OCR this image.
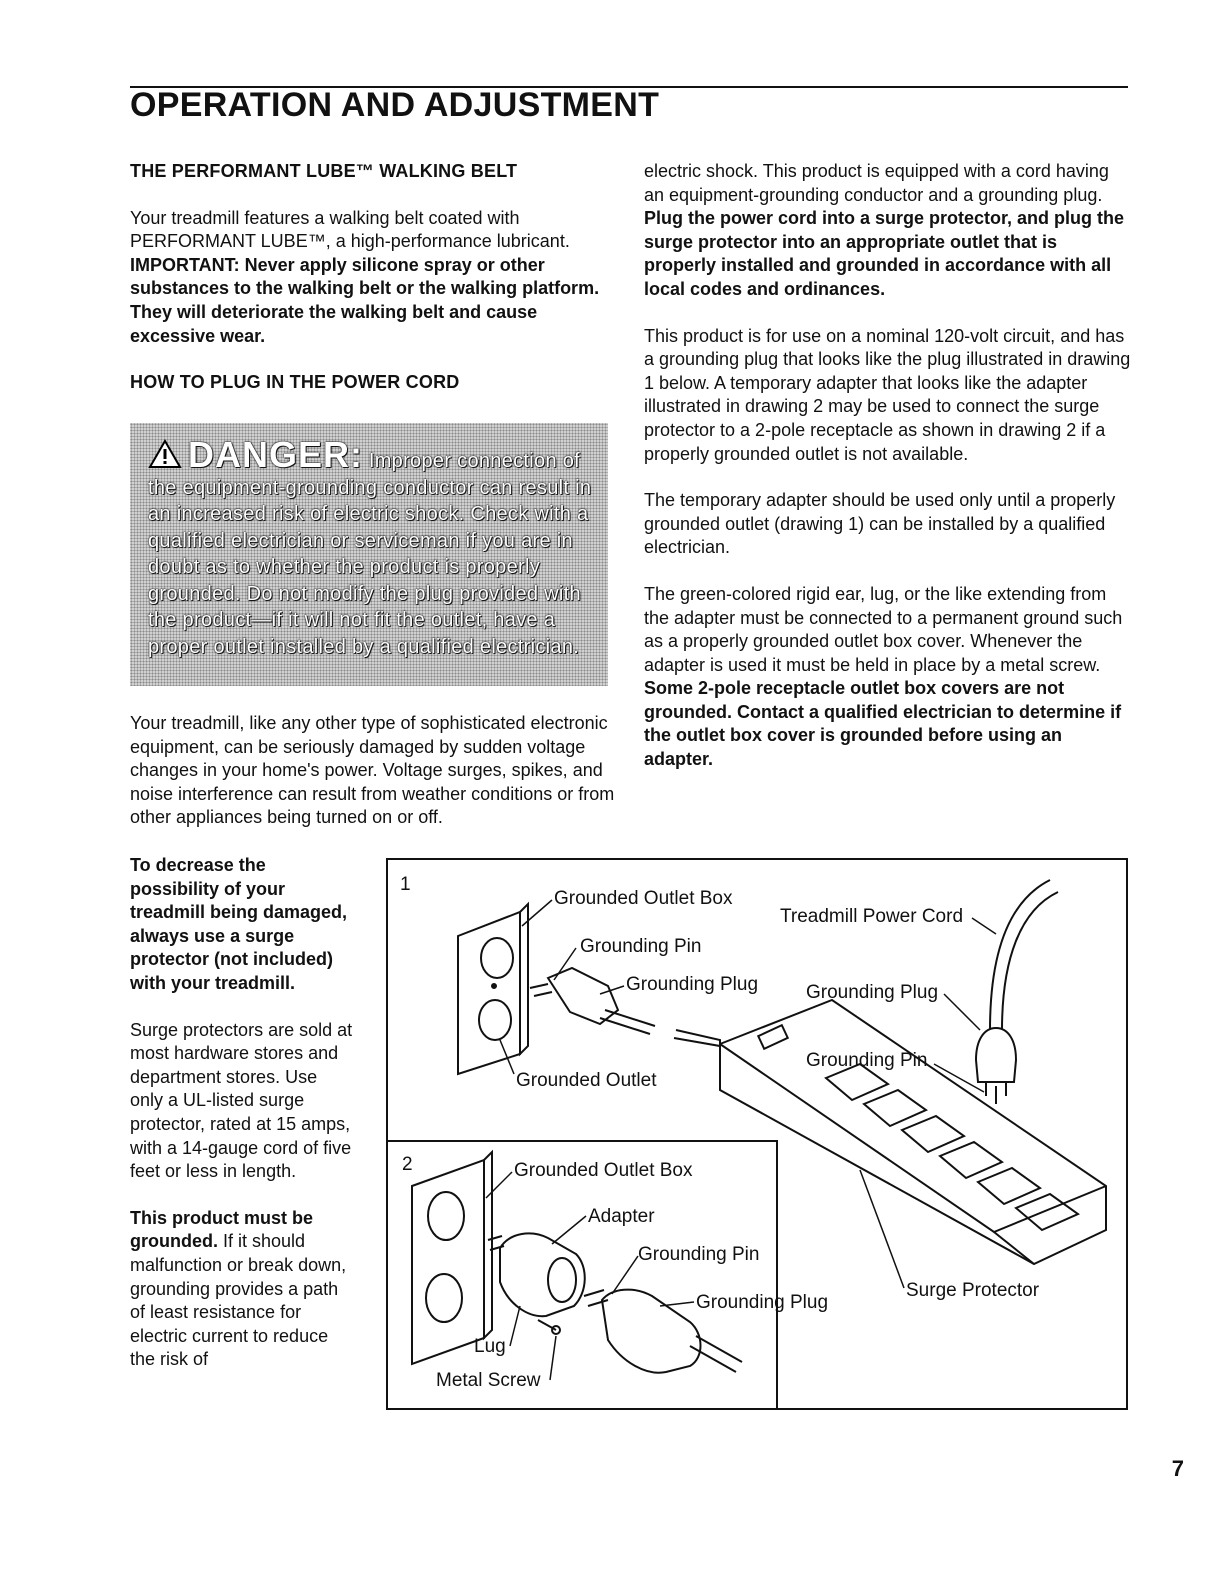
OPERATION AND ADJUSTMENT
THE PERFORMANT LUBE™ WALKING BELT

Your treadmill features a walking belt coated with PERFORMANT LUBE™, a high-performance lubricant. IMPORTANT: Never apply silicone spray or other substances to the walking belt or the walking platform. They will deteriorate the walking belt and cause excessive wear.

HOW TO PLUG IN THE POWER CORD
DANGER: Improper connection of the equipment-grounding conductor can result in an increased risk of electric shock. Check with a qualified electrician or serviceman if you are in doubt as to whether the product is properly grounded. Do not modify the plug provided with the product—if it will not fit the outlet, have a proper outlet installed by a qualified electrician.

Your treadmill, like any other type of sophisticated electronic equipment, can be seriously damaged by sudden voltage changes in your home's power. Voltage surges, spikes, and noise interference can result from weather conditions or from other appliances being turned on or off.

To decrease the possibility of your treadmill being damaged, always use a surge protector (not included) with your treadmill.

Surge protectors are sold at most hardware stores and department stores. Use only a UL-listed surge protector, rated at 15 amps, with a 14-gauge cord of five feet or less in length.

This product must be grounded. If it should malfunction or break down, grounding provides a path of least resistance for electric current to reduce the risk of

electric shock. This product is equipped with a cord having an equipment-grounding conductor and a grounding plug. Plug the power cord into a surge protector, and plug the surge protector into an appropriate outlet that is properly installed and grounded in accordance with all local codes and ordinances.

This product is for use on a nominal 120-volt circuit, and has a grounding plug that looks like the plug illustrated in drawing 1 below. A temporary adapter that looks like the adapter illustrated in drawing 2 may be used to connect the surge protector to a 2-pole receptacle as shown in drawing 2 if a properly grounded outlet is not available.

The temporary adapter should be used only until a properly grounded outlet (drawing 1) can be installed by a qualified electrician.

The green-colored rigid ear, lug, or the like extending from the adapter must be connected to a permanent ground such as a properly grounded outlet box cover. Whenever the adapter is used it must be held in place by a metal screw. Some 2-pole receptacle outlet box covers are not grounded. Contact a qualified electrician to determine if the outlet box cover is grounded before using an adapter.

1
Grounded Outlet Box
Grounding Pin
Grounding Plug
Grounded Outlet
Treadmill Power Cord
Grounding Plug
Grounding Pin
Surge Protector
2	Grounded Outlet Box
Adapter
Grounding Pin
Grounding Plug
Lug
Metal Screw
7
